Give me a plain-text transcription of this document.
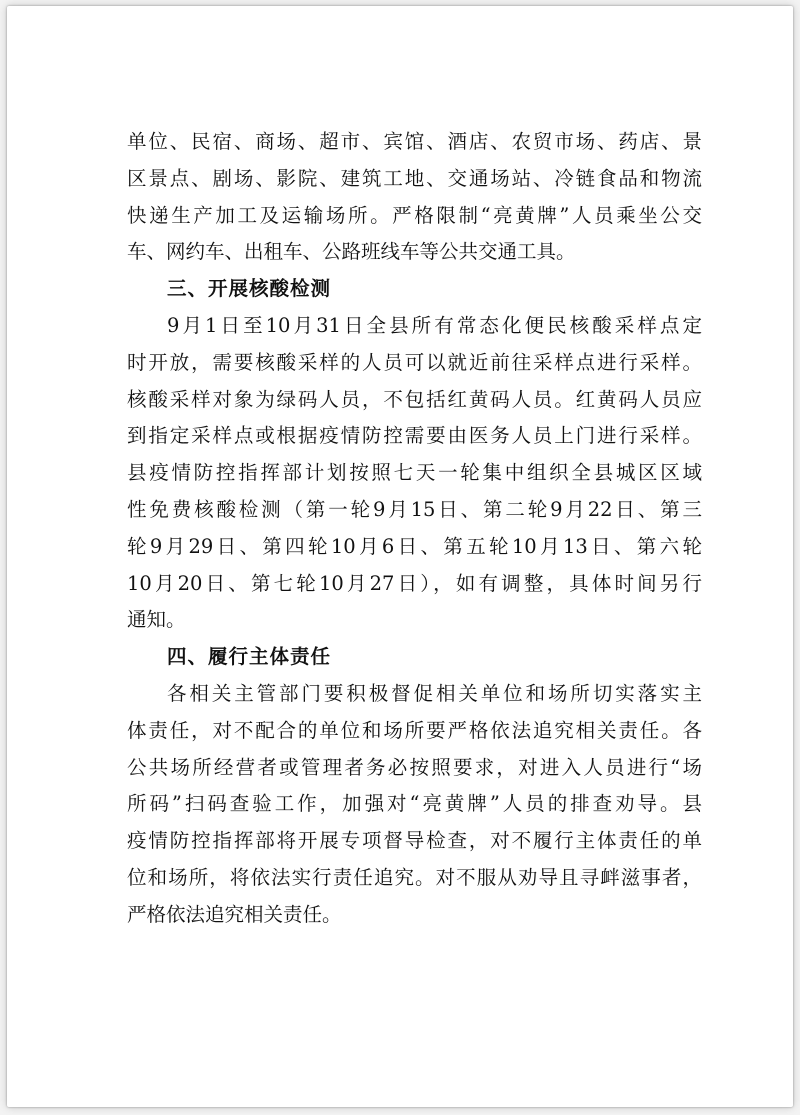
单位、民宿、商场、超市、宾馆、酒店、农贸市场、药店、景
区景点、剧场、影院、建筑工地、交通场站、冷链食品和物流
快递生产加工及运输场所。严格限制“亮黄牌”人员乘坐公交
车、网约车、出租车、公路班线车等公共交通工具。
三、开展核酸检测
9月1日至10月31日全县所有常态化便民核酸采样点定
时开放，需要核酸采样的人员可以就近前往采样点进行采样。
核酸采样对象为绿码人员，不包括红黄码人员。红黄码人员应
到指定采样点或根据疫情防控需要由医务人员上门进行采样。
县疫情防控指挥部计划按照七天一轮集中组织全县城区区域
性免费核酸检测（第一轮9月15日、第二轮9月22日、第三
轮9月29日、第四轮10月6日、第五轮10月13日、第六轮
10月20日、第七轮10月27日），如有调整，具体时间另行
通知。
四、履行主体责任
各相关主管部门要积极督促相关单位和场所切实落实主
体责任，对不配合的单位和场所要严格依法追究相关责任。各
公共场所经营者或管理者务必按照要求，对进入人员进行“场
所码”扫码查验工作，加强对“亮黄牌”人员的排查劝导。县
疫情防控指挥部将开展专项督导检查，对不履行主体责任的单
位和场所，将依法实行责任追究。对不服从劝导且寻衅滋事者，
严格依法追究相关责任。
